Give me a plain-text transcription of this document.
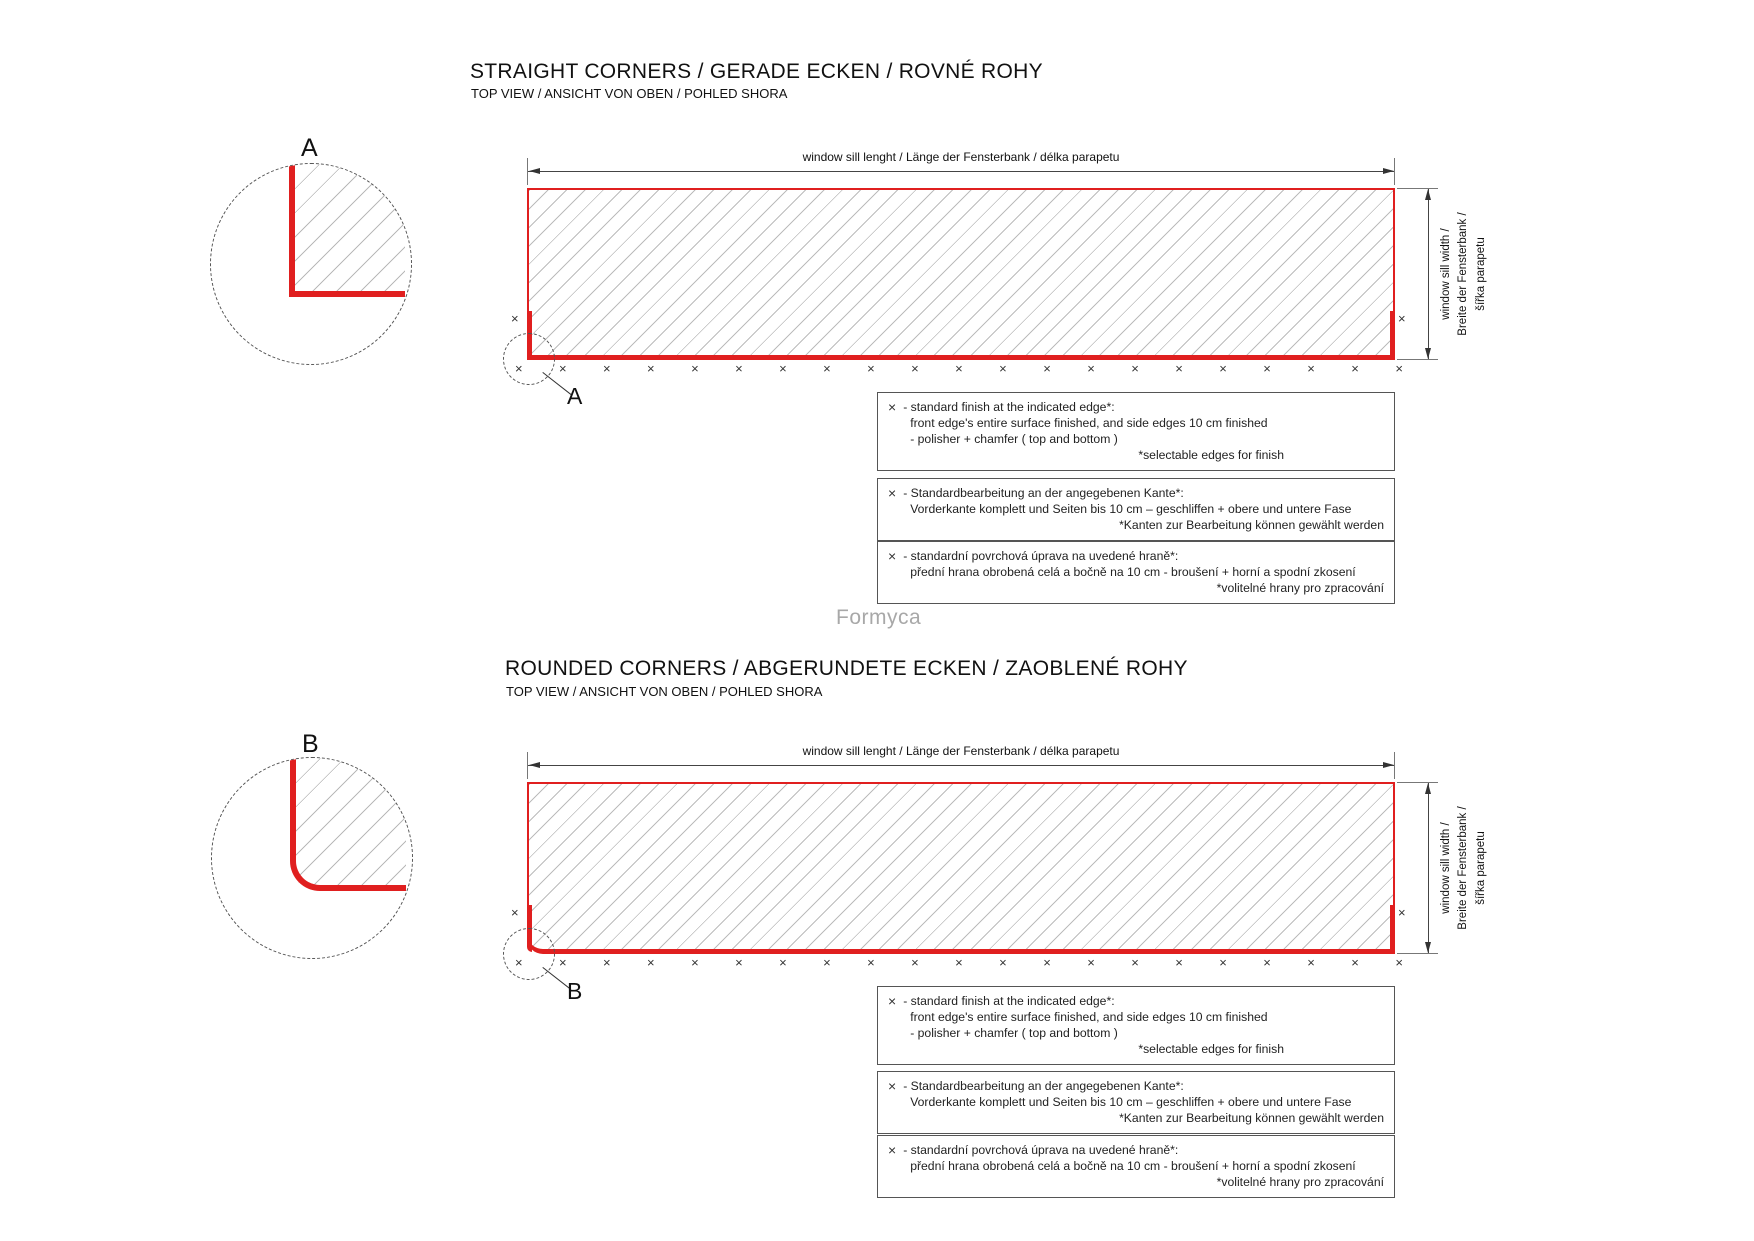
STRAIGHT CORNERS / GERADE ECKEN / ROVNÉ ROHY
TOP VIEW / ANSICHT VON OBEN / POHLED SHORA
A	window sill lenght / Länge der Fensterbank / délka parapetu
window sill width / Breite der Fensterbank / šířka parapetu
×	×
×	×	×	×	×	×	×	×	×	×	×	×	×	×	×	×	×	×	×	×	×
A	× - standard finish at the indicated edge*:
front edge's entire surface finished, and side edges 10 cm finished
- polisher + chamfer ( top and bottom )
*selectable edges for finish
× - Standardbearbeitung an der angegebenen Kante*:
Vorderkante komplett und Seiten bis 10 cm – geschliffen + obere und untere Fase
*Kanten zur Bearbeitung können gewählt werden
× - standardní povrchová úprava na uvedené hraně*:
přední hrana obrobená celá a bočně na 10 cm - broušení + horní a spodní zkosení
*volitelné hrany pro zpracování
Formyca
ROUNDED CORNERS / ABGERUNDETE ECKEN / ZAOBLENÉ ROHY
TOP VIEW / ANSICHT VON OBEN / POHLED SHORA
B	window sill lenght / Länge der Fensterbank / délka parapetu
window sill width / Breite der Fensterbank / šířka parapetu
×	×
×	×	×	×	×	×	×	×	×	×	×	×	×	×	×	×	×	×	×	×	×
B	× - standard finish at the indicated edge*:
front edge's entire surface finished, and side edges 10 cm finished
- polisher + chamfer ( top and bottom )
*selectable edges for finish
× - Standardbearbeitung an der angegebenen Kante*:
Vorderkante komplett und Seiten bis 10 cm – geschliffen + obere und untere Fase
*Kanten zur Bearbeitung können gewählt werden
× - standardní povrchová úprava na uvedené hraně*:
přední hrana obrobená celá a bočně na 10 cm - broušení + horní a spodní zkosení
*volitelné hrany pro zpracování
